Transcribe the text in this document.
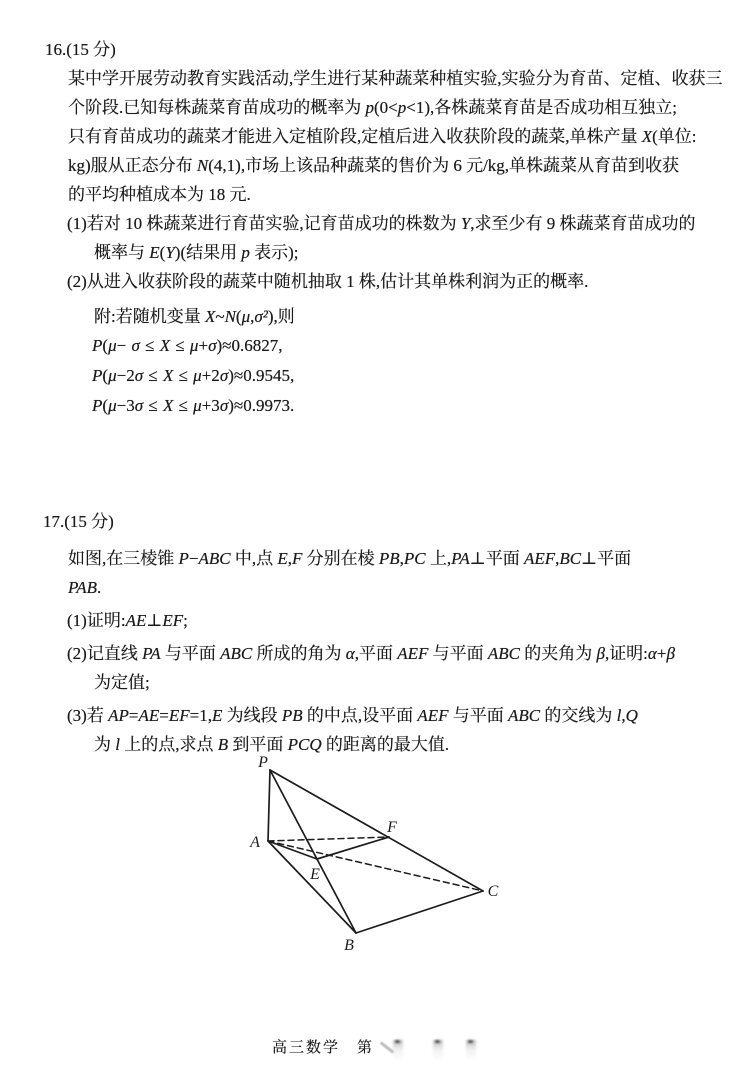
16.(15 分)
某中学开展劳动教育实践活动,学生进行某种蔬菜种植实验,实验分为育苗、定植、收获三
个阶段.已知每株蔬菜育苗成功的概率为 p(0<p<1),各株蔬菜育苗是否成功相互独立;
只有育苗成功的蔬菜才能进入定植阶段,定植后进入收获阶段的蔬菜,单株产量 X(单位:
kg)服从正态分布 N(4,1),市场上该品种蔬菜的售价为 6 元/kg,单株蔬菜从育苗到收获
的平均种植成本为 18 元.
(1)若对 10 株蔬菜进行育苗实验,记育苗成功的株数为 Y,求至少有 9 株蔬菜育苗成功的
概率与 E(Y)(结果用 p 表示);
(2)从进入收获阶段的蔬菜中随机抽取 1 株,估计其单株利润为正的概率.
附:若随机变量 X~N(μ,σ²),则
P(μ− σ ≤ X ≤ μ+σ)≈0.6827,
P(μ−2σ ≤ X ≤ μ+2σ)≈0.9545,
P(μ−3σ ≤ X ≤ μ+3σ)≈0.9973.
17.(15 分)
如图,在三棱锥 P−ABC 中,点 E,F 分别在棱 PB,PC 上,PA⊥平面 AEF,BC⊥平面
PAB.
(1)证明:AE⊥EF;
(2)记直线 PA 与平面 ABC 所成的角为 α,平面 AEF 与平面 ABC 的夹角为 β,证明:α+β
为定值;
(3)若 AP=AE=EF=1,E 为线段 PB 的中点,设平面 AEF 与平面 ABC 的交线为 l,Q
为 l 上的点,求点 B 到平面 PCQ 的距离的最大值.
P
A
E
F
B
C
高三数学　第
